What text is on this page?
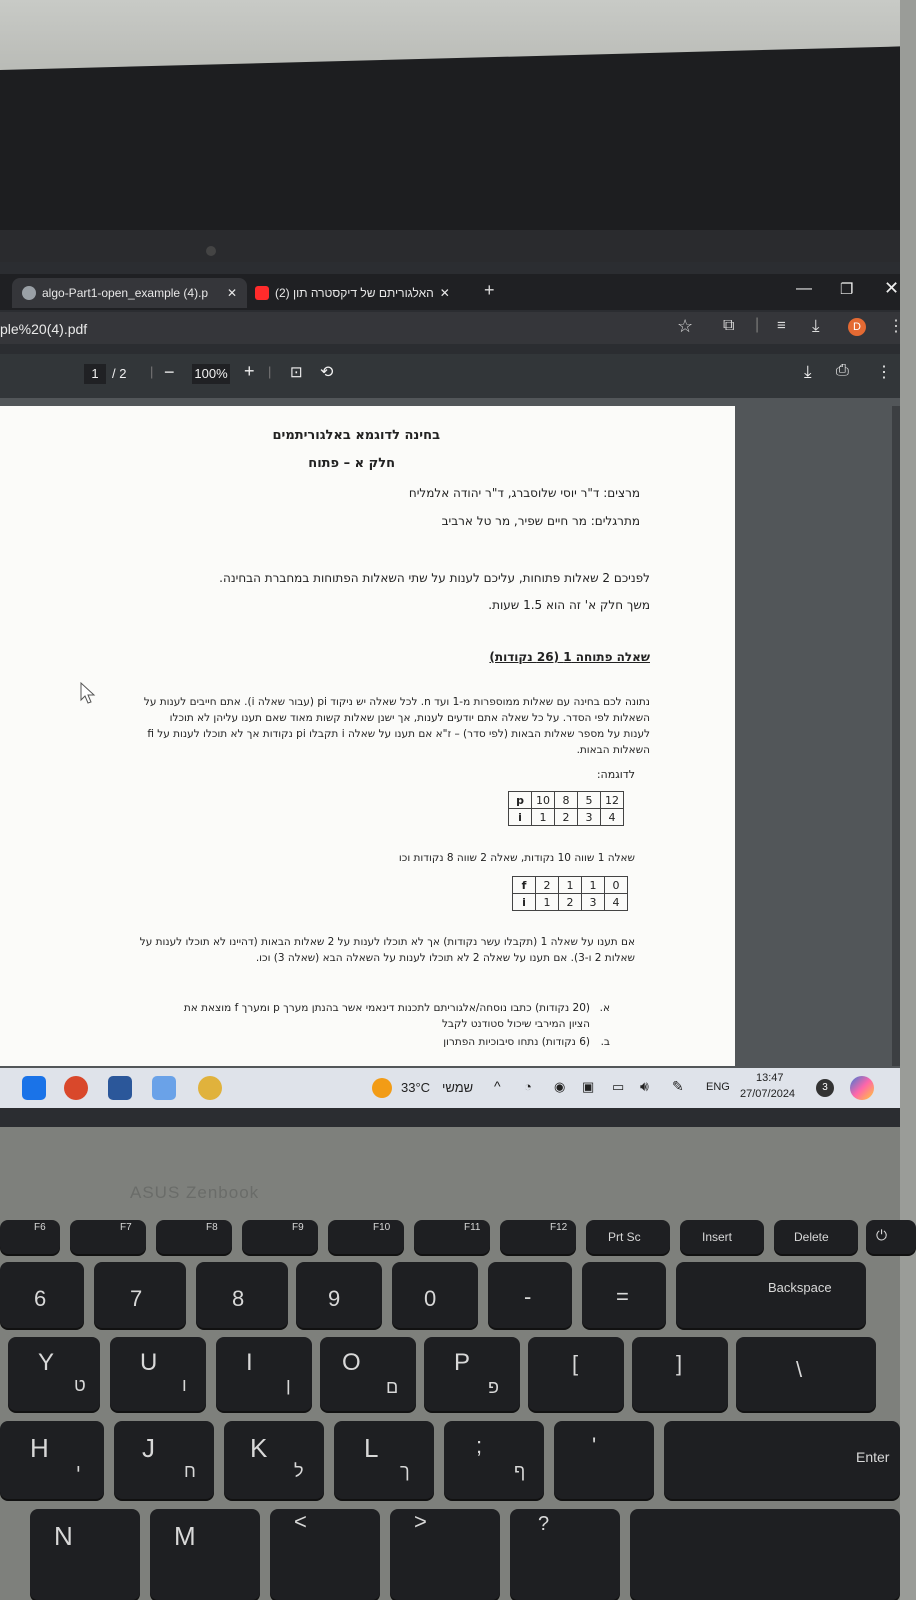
algo-Part1-open_example (4).p ✕	(2) האלגוריתם של דיקסטרה תון ✕ +	— ❐ ✕
ple%20(4).pdf	☆ ⧉ | ≡ ⤓	D	⋮
1	/ 2 | − 100% + | ⊡ ⟲	⤓ ⎙ ⋮
בחינה לדוגמא באלגוריתמים
חלק א – פתוח
מרצים: ד"ר יוסי שלוסברג, ד"ר יהודה אלמליח
מתרגלים: מר חיים שפיר, מר טל ארביב
לפניכם 2 שאלות פתוחות, עליכם לענות על שתי השאלות הפתוחות במחברת הבחינה.
משך חלק א' זה הוא 1.5 שעות.
שאלה פתוחה 1 (26 נקודות)
נתונה לכם בחינה עם שאלות ממוספרות מ-1 ועד n. לכל שאלה יש ניקוד pi (עבור שאלה i). אתם חייבים לענות על
השאלות לפי הסדר. על כל שאלה אתם יודעים לענות, אך ישנן שאלות קשות מאוד שאם תענו עליהן לא תוכלו
לענות על מספר שאלות הבאות (לפי סדר) – ז"א אם תענו על שאלה i תקבלו pi נקודות אך לא תוכלו לענות על fi
השאלות הבאות.
לדוגמה:
p	10	8	5	12
i	1	2	3	4
שאלה 1 שווה 10 נקודות, שאלה 2 שווה 8 נקודות וכו
f	2	1	1	0
i	1	2	3	4
אם תענו על שאלה 1 (תקבלו עשר נקודות) אך לא תוכלו לענות על 2 שאלות הבאות (דהיינו לא תוכלו לענות על
שאלות 2 ו-3). אם תענו על שאלה 2 לא תוכלו לענות על השאלה הבא (שאלה 3) וכו.
א.
(20 נקודות) כתבו נוסחה/אלגוריתם לתכנות דינאמי אשר בהנתן מערך p ומערך f מוצאת את
הציון המירבי שיכול סטודנט לקבל
ב.
(6 נקודות) נתחו סיבוכיות הפתרון
33°C שמשי ^ ◔ ◉ ▣ ▭ 🔊︎ ✎ ENG
13:47
27/07/2024
3
ASUS Zenbook
F6	F7	F8	F9	F10	F11	F12
Prt Sc	Insert	Delete	⏻
6	7	8	9	0	-	=	Backspace
Y
ט
U
ו
I
ן
O
ם
P
פ
[	]	\
H
י
J
ח
K
ל
L
ך
;
ף
'	Enter
N	M	<	>	?
